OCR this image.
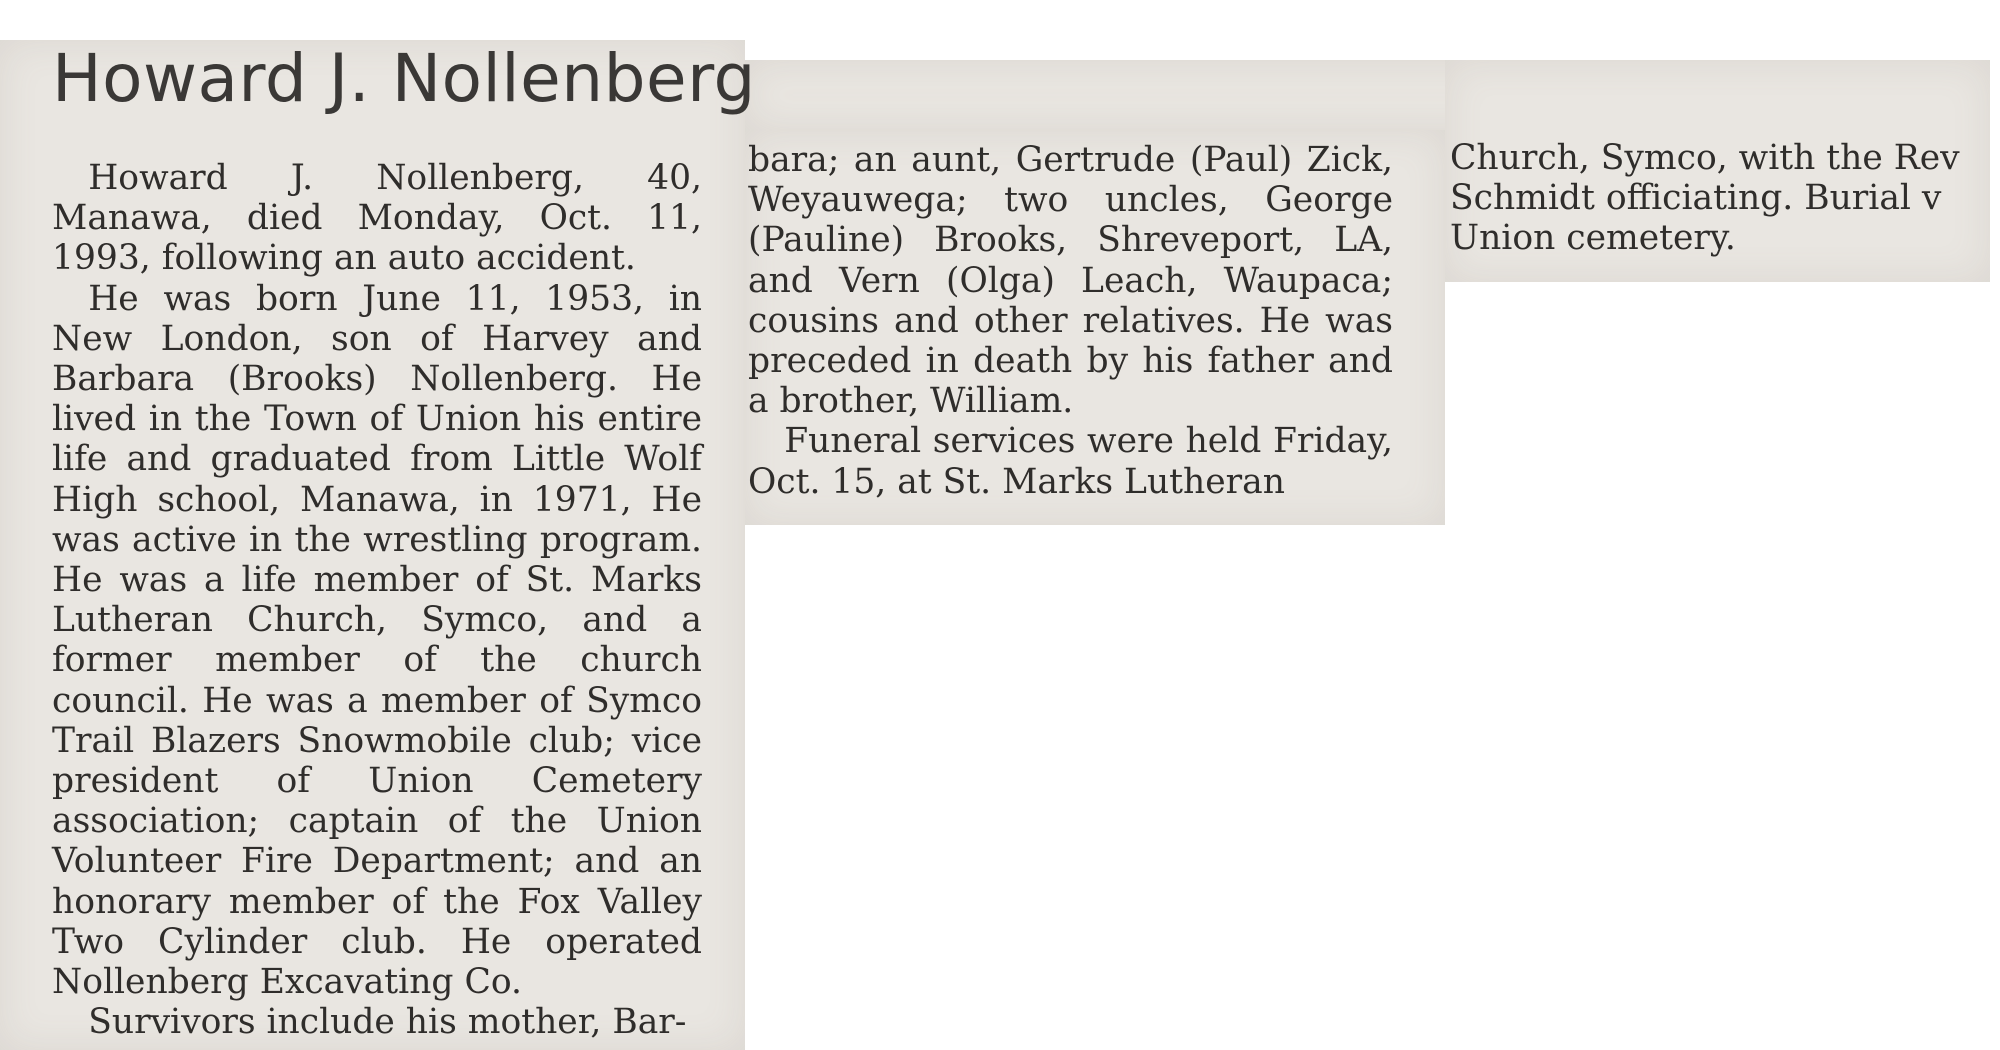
Howard J. Nollenberg

Howard J. Nollenberg, 40, Manawa, died Monday, Oct. 11, 1993, following an auto accident.

He was born June 11, 1953, in New London, son of Harvey and Barbara (Brooks) Nollenberg. He lived in the Town of Union his entire life and graduated from Little Wolf High school, Manawa, in 1971, He was active in the wrestling program. He was a life member of St. Marks Lutheran Church, Symco, and a former member of the church council. He was a member of Symco Trail Blazers Snowmobile club; vice president of Union Cemetery association; captain of the Union Volunteer Fire Department; and an honorary member of the Fox Valley Two Cylinder club. He operated Nollenberg Excavating Co.

Survivors include his mother, Bar-

bara; an aunt, Gertrude (Paul) Zick, Weyauwega; two uncles, George (Pauline) Brooks, Shreveport, LA, and Vern (Olga) Leach, Waupaca; cousins and other relatives. He was preceded in death by his father and a brother, William.

Funeral services were held Friday, Oct. 15, at St. Marks Lutheran

Church, Symco, with the Rev

Schmidt officiating. Burial v

Union cemetery.
